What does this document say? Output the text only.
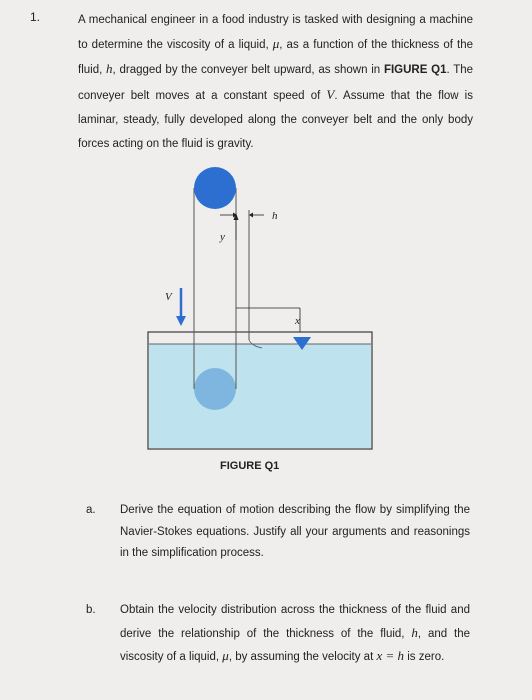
1.	A mechanical engineer in a food industry is tasked with designing a machine to determine the viscosity of a liquid, μ, as a function of the thickness of the fluid, h, dragged by the conveyer belt upward, as shown in FIGURE Q1. The conveyer belt moves at a constant speed of V. Assume that the flow is laminar, steady, fully developed along the conveyer belt and the only body forces acting on the fluid is gravity.
V
y
h
x
FIGURE Q1
a. Derive the equation of motion describing the flow by simplifying the Navier-Stokes equations. Justify all your arguments and reasonings in the simplification process.
b. Obtain the velocity distribution across the thickness of the fluid and derive the relationship of the thickness of the fluid, h, and the viscosity of a liquid, μ, by assuming the velocity at x = h is zero.
